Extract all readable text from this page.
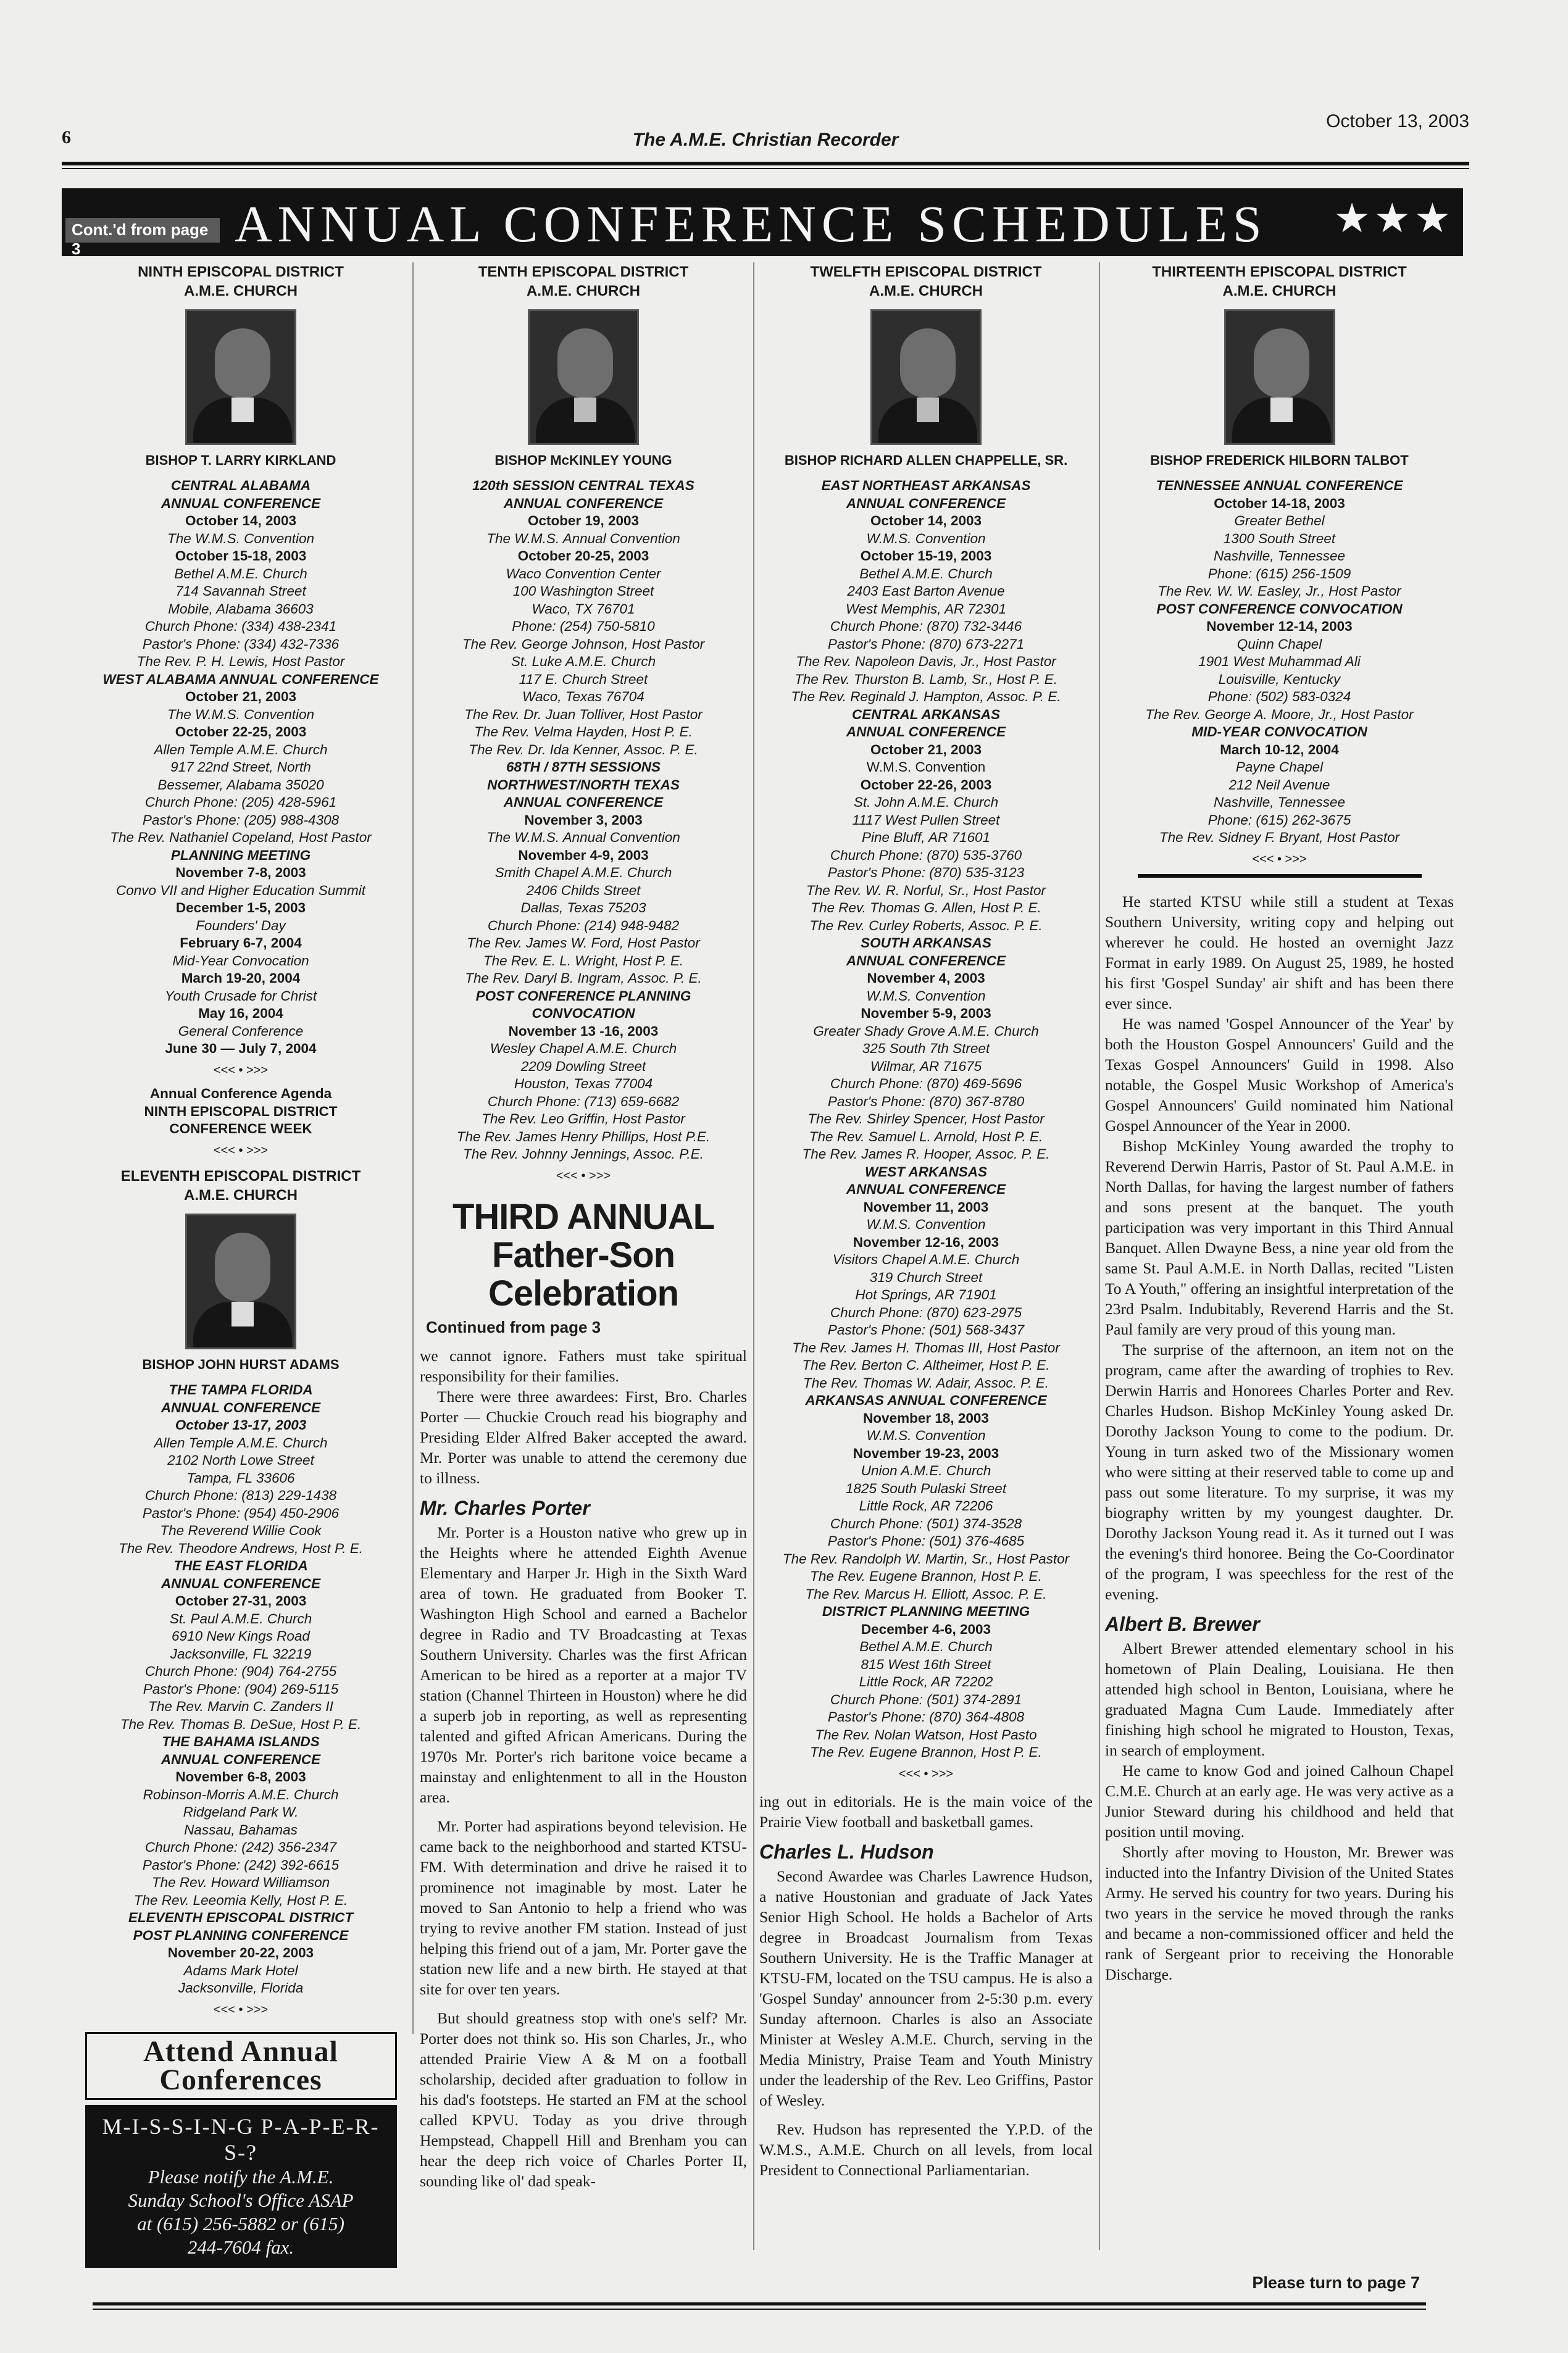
6	The A.M.E. Christian Recorder
October 13, 2003
Cont.'d from page 3	ANNUAL CONFERENCE SCHEDULES ★★★
NINTH EPISCOPAL DISTRICT
A.M.E. CHURCH
BISHOP T. LARRY KIRKLAND
CENTRAL ALABAMA
ANNUAL CONFERENCE
October 14, 2003
The W.M.S. Convention
October 15-18, 2003
Bethel A.M.E. Church
714 Savannah Street
Mobile, Alabama 36603
Church Phone: (334) 438-2341
Pastor's Phone: (334) 432-7336
The Rev. P. H. Lewis, Host Pastor
WEST ALABAMA ANNUAL CONFERENCE
October 21, 2003
The W.M.S. Convention
October 22-25, 2003
Allen Temple A.M.E. Church
917 22nd Street, North
Bessemer, Alabama 35020
Church Phone: (205) 428-5961
Pastor's Phone: (205) 988-4308
The Rev. Nathaniel Copeland, Host Pastor
PLANNING MEETING
November 7-8, 2003
Convo VII and Higher Education Summit
December 1-5, 2003
Founders' Day
February 6-7, 2004
Mid-Year Convocation
March 19-20, 2004
Youth Crusade for Christ
May 16, 2004
General Conference
June 30 — July 7, 2004
<<< • >>>
Annual Conference Agenda
NINTH EPISCOPAL DISTRICT
CONFERENCE WEEK
<<< • >>>
ELEVENTH EPISCOPAL DISTRICT
A.M.E. CHURCH
BISHOP JOHN HURST ADAMS
THE TAMPA FLORIDA
ANNUAL CONFERENCE
October 13-17, 2003
Allen Temple A.M.E. Church
2102 North Lowe Street
Tampa, FL 33606
Church Phone: (813) 229-1438
Pastor's Phone: (954) 450-2906
The Reverend Willie Cook
The Rev. Theodore Andrews, Host P. E.
THE EAST FLORIDA
ANNUAL CONFERENCE
October 27-31, 2003
St. Paul A.M.E. Church
6910 New Kings Road
Jacksonville, FL 32219
Church Phone: (904) 764-2755
Pastor's Phone: (904) 269-5115
The Rev. Marvin C. Zanders II
The Rev. Thomas B. DeSue, Host P. E.
THE BAHAMA ISLANDS
ANNUAL CONFERENCE
November 6-8, 2003
Robinson-Morris A.M.E. Church
Ridgeland Park W.
Nassau, Bahamas
Church Phone: (242) 356-2347
Pastor's Phone: (242) 392-6615
The Rev. Howard Williamson
The Rev. Leeomia Kelly, Host P. E.
ELEVENTH EPISCOPAL DISTRICT
POST PLANNING CONFERENCE
November 20-22, 2003
Adams Mark Hotel
Jacksonville, Florida
<<< • >>>
Attend Annual
Conferences
M-I-S-S-I-N-G P-A-P-E-R-S-?
Please notify the A.M.E.
Sunday School's Office ASAP
at (615) 256-5882 or (615)
244-7604 fax.
TENTH EPISCOPAL DISTRICT
A.M.E. CHURCH
BISHOP McKINLEY YOUNG
120th SESSION CENTRAL TEXAS
ANNUAL CONFERENCE
October 19, 2003
The W.M.S. Annual Convention
October 20-25, 2003
Waco Convention Center
100 Washington Street
Waco, TX 76701
Phone: (254) 750-5810
The Rev. George Johnson, Host Pastor
St. Luke A.M.E. Church
117 E. Church Street
Waco, Texas 76704
The Rev. Dr. Juan Tolliver, Host Pastor
The Rev. Velma Hayden, Host P. E.
The Rev. Dr. Ida Kenner, Assoc. P. E.
68TH / 87TH SESSIONS
NORTHWEST/NORTH TEXAS
ANNUAL CONFERENCE
November 3, 2003
The W.M.S. Annual Convention
November 4-9, 2003
Smith Chapel A.M.E. Church
2406 Childs Street
Dallas, Texas 75203
Church Phone: (214) 948-9482
The Rev. James W. Ford, Host Pastor
The Rev. E. L. Wright, Host P. E.
The Rev. Daryl B. Ingram, Assoc. P. E.
POST CONFERENCE PLANNING
CONVOCATION
November 13 -16, 2003
Wesley Chapel A.M.E. Church
2209 Dowling Street
Houston, Texas 77004
Church Phone: (713) 659-6682
The Rev. Leo Griffin, Host Pastor
The Rev. James Henry Phillips, Host P.E.
The Rev. Johnny Jennings, Assoc. P.E.
<<< • >>>
THIRD ANNUAL
Father-Son Celebration
Continued from page 3

we cannot ignore. Fathers must take spiritual responsibility for their families.

There were three awardees: First, Bro. Charles Porter — Chuckie Crouch read his biography and Presiding Elder Alfred Baker accepted the award. Mr. Porter was unable to attend the ceremony due to illness.

Mr. Charles Porter

Mr. Porter is a Houston native who grew up in the Heights where he attended Eighth Avenue Elementary and Harper Jr. High in the Sixth Ward area of town. He graduated from Booker T. Washington High School and earned a Bachelor degree in Radio and TV Broadcasting at Texas Southern University. Charles was the first African American to be hired as a reporter at a major TV station (Channel Thirteen in Houston) where he did a superb job in reporting, as well as representing talented and gifted African Americans. During the 1970s Mr. Porter's rich baritone voice became a mainstay and enlightenment to all in the Houston area.

Mr. Porter had aspirations beyond television. He came back to the neighborhood and started KTSU-FM. With determination and drive he raised it to prominence not imaginable by most. Later he moved to San Antonio to help a friend who was trying to revive another FM station. Instead of just helping this friend out of a jam, Mr. Porter gave the station new life and a new birth. He stayed at that site for over ten years.

But should greatness stop with one's self? Mr. Porter does not think so. His son Charles, Jr., who attended Prairie View A & M on a football scholarship, decided after graduation to follow in his dad's footsteps. He started an FM at the school called KPVU. Today as you drive through Hempstead, Chappell Hill and Brenham you can hear the deep rich voice of Charles Porter II, sounding like ol' dad speak-

TWELFTH EPISCOPAL DISTRICT
A.M.E. CHURCH
BISHOP RICHARD ALLEN CHAPPELLE, SR.
EAST NORTHEAST ARKANSAS
ANNUAL CONFERENCE
October 14, 2003
W.M.S. Convention
October 15-19, 2003
Bethel A.M.E. Church
2403 East Barton Avenue
West Memphis, AR 72301
Church Phone: (870) 732-3446
Pastor's Phone: (870) 673-2271
The Rev. Napoleon Davis, Jr., Host Pastor
The Rev. Thurston B. Lamb, Sr., Host P. E.
The Rev. Reginald J. Hampton, Assoc. P. E.
CENTRAL ARKANSAS
ANNUAL CONFERENCE
October 21, 2003
W.M.S. Convention
October 22-26, 2003
St. John A.M.E. Church
1117 West Pullen Street
Pine Bluff, AR 71601
Church Phone: (870) 535-3760
Pastor's Phone: (870) 535-3123
The Rev. W. R. Norful, Sr., Host Pastor
The Rev. Thomas G. Allen, Host P. E.
The Rev. Curley Roberts, Assoc. P. E.
SOUTH ARKANSAS
ANNUAL CONFERENCE
November 4, 2003
W.M.S. Convention
November 5-9, 2003
Greater Shady Grove A.M.E. Church
325 South 7th Street
Wilmar, AR 71675
Church Phone: (870) 469-5696
Pastor's Phone: (870) 367-8780
The Rev. Shirley Spencer, Host Pastor
The Rev. Samuel L. Arnold, Host P. E.
The Rev. James R. Hooper, Assoc. P. E.
WEST ARKANSAS
ANNUAL CONFERENCE
November 11, 2003
W.M.S. Convention
November 12-16, 2003
Visitors Chapel A.M.E. Church
319 Church Street
Hot Springs, AR 71901
Church Phone: (870) 623-2975
Pastor's Phone: (501) 568-3437
The Rev. James H. Thomas III, Host Pastor
The Rev. Berton C. Altheimer, Host P. E.
The Rev. Thomas W. Adair, Assoc. P. E.
ARKANSAS ANNUAL CONFERENCE
November 18, 2003
W.M.S. Convention
November 19-23, 2003
Union A.M.E. Church
1825 South Pulaski Street
Little Rock, AR 72206
Church Phone: (501) 374-3528
Pastor's Phone: (501) 376-4685
The Rev. Randolph W. Martin, Sr., Host Pastor
The Rev. Eugene Brannon, Host P. E.
The Rev. Marcus H. Elliott, Assoc. P. E.
DISTRICT PLANNING MEETING
December 4-6, 2003
Bethel A.M.E. Church
815 West 16th Street
Little Rock, AR 72202
Church Phone: (501) 374-2891
Pastor's Phone: (870) 364-4808
The Rev. Nolan Watson, Host Pasto
The Rev. Eugene Brannon, Host P. E.
<<< • >>>

ing out in editorials. He is the main voice of the Prairie View football and basketball games.

Charles L. Hudson

Second Awardee was Charles Lawrence Hudson, a native Houstonian and graduate of Jack Yates Senior High School. He holds a Bachelor of Arts degree in Broadcast Journalism from Texas Southern University. He is the Traffic Manager at KTSU-FM, located on the TSU campus. He is also a 'Gospel Sunday' announcer from 2-5:30 p.m. every Sunday afternoon. Charles is also an Associate Minister at Wesley A.M.E. Church, serving in the Media Ministry, Praise Team and Youth Ministry under the leadership of the Rev. Leo Griffins, Pastor of Wesley.

Rev. Hudson has represented the Y.P.D. of the W.M.S., A.M.E. Church on all levels, from local President to Connectional Parliamentarian.

THIRTEENTH EPISCOPAL DISTRICT
A.M.E. CHURCH
BISHOP FREDERICK HILBORN TALBOT
TENNESSEE ANNUAL CONFERENCE
October 14-18, 2003
Greater Bethel
1300 South Street
Nashville, Tennessee
Phone: (615) 256-1509
The Rev. W. W. Easley, Jr., Host Pastor
POST CONFERENCE CONVOCATION
November 12-14, 2003
Quinn Chapel
1901 West Muhammad Ali
Louisville, Kentucky
Phone: (502) 583-0324
The Rev. George A. Moore, Jr., Host Pastor
MID-YEAR CONVOCATION
March 10-12, 2004
Payne Chapel
212 Neil Avenue
Nashville, Tennessee
Phone: (615) 262-3675
The Rev. Sidney F. Bryant, Host Pastor
<<< • >>>

He started KTSU while still a student at Texas Southern University, writing copy and helping out wherever he could. He hosted an overnight Jazz Format in early 1989. On August 25, 1989, he hosted his first 'Gospel Sunday' air shift and has been there ever since.

He was named 'Gospel Announcer of the Year' by both the Houston Gospel Announcers' Guild and the Texas Gospel Announcers' Guild in 1998. Also notable, the Gospel Music Workshop of America's Gospel Announcers' Guild nominated him National Gospel Announcer of the Year in 2000.

Bishop McKinley Young awarded the trophy to Reverend Derwin Harris, Pastor of St. Paul A.M.E. in North Dallas, for having the largest number of fathers and sons present at the banquet. The youth participation was very important in this Third Annual Banquet. Allen Dwayne Bess, a nine year old from the same St. Paul A.M.E. in North Dallas, recited "Listen To A Youth," offering an insightful interpretation of the 23rd Psalm. Indubitably, Reverend Harris and the St. Paul family are very proud of this young man.

The surprise of the afternoon, an item not on the program, came after the awarding of trophies to Rev. Derwin Harris and Honorees Charles Porter and Rev. Charles Hudson. Bishop McKinley Young asked Dr. Dorothy Jackson Young to come to the podium. Dr. Young in turn asked two of the Missionary women who were sitting at their reserved table to come up and pass out some literature. To my surprise, it was my biography written by my youngest daughter. Dr. Dorothy Jackson Young read it. As it turned out I was the evening's third honoree. Being the Co-Coordinator of the program, I was speechless for the rest of the evening.

Albert B. Brewer

Albert Brewer attended elementary school in his hometown of Plain Dealing, Louisiana. He then attended high school in Benton, Louisiana, where he graduated Magna Cum Laude. Immediately after finishing high school he migrated to Houston, Texas, in search of employment.

He came to know God and joined Calhoun Chapel C.M.E. Church at an early age. He was very active as a Junior Steward during his childhood and held that position until moving.

Shortly after moving to Houston, Mr. Brewer was inducted into the Infantry Division of the United States Army. He served his country for two years. During his two years in the service he moved through the ranks and became a non-commissioned officer and held the rank of Sergeant prior to receiving the Honorable Discharge.

Please turn to page 7
